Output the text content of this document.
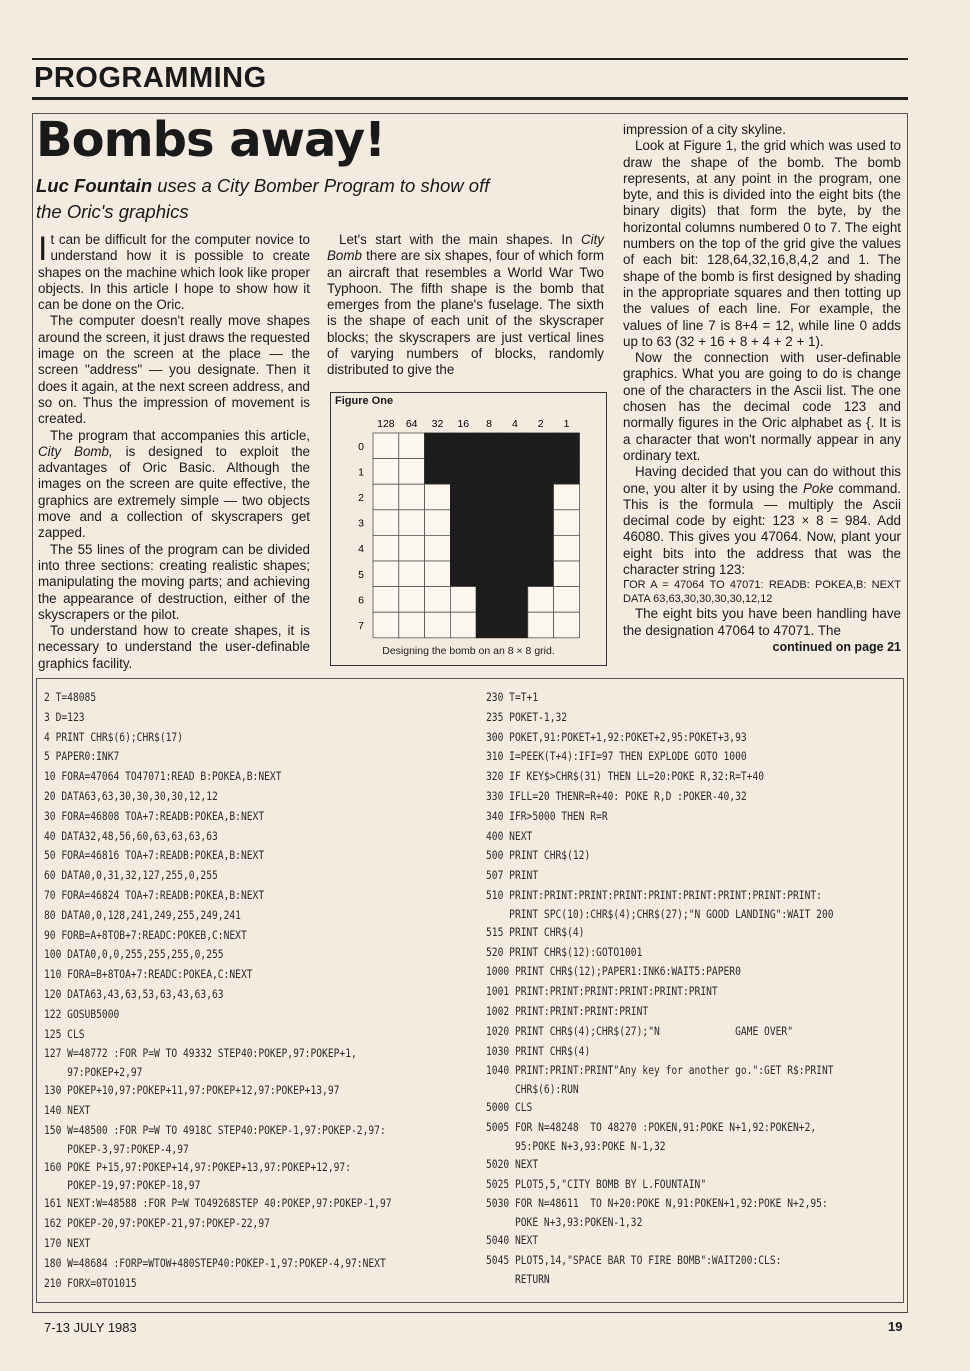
PROGRAMMING
Bombs away!
Luc Fountain uses a City Bomber Program to show off the Oric's graphics

It can be difficult for the computer novice to understand how it is possible to create shapes on the machine which look like proper objects. In this article I hope to show how it can be done on the Oric.

The computer doesn't really move shapes around the screen, it just draws the requested image on the screen at the place — the screen "address" — you designate. Then it does it again, at the next screen address, and so on. Thus the impression of movement is created.

The program that accompanies this article, City Bomb, is designed to exploit the advantages of Oric Basic. Although the images on the screen are quite effective, the graphics are extremely simple — two objects move and a collection of skyscrapers get zapped.

The 55 lines of the program can be divided into three sections: creating realistic shapes; manipulating the moving parts; and achieving the appearance of destruction, either of the skyscrapers or the pilot.

To understand how to create shapes, it is necessary to understand the user-definable graphics facility.

Let's start with the main shapes. In City Bomb there are six shapes, four of which form an aircraft that resembles a World War Two Typhoon. The fifth shape is the bomb that emerges from the plane's fuselage. The sixth is the shape of each unit of the skyscraper blocks; the skyscrapers are just vertical lines of varying numbers of blocks, randomly distributed to give the

Figure One
128 64 32 16 8 4 2 1
0
1
2
3
4
5
6
7
Designing the bomb on an 8 × 8 grid.

impression of a city skyline.

Look at Figure 1, the grid which was used to draw the shape of the bomb. The bomb represents, at any point in the program, one byte, and this is divided into the eight bits (the binary digits) that form the byte, by the horizontal columns numbered 0 to 7. The eight numbers on the top of the grid give the values of each bit: 128,64,32,16,8,4,2 and 1. The shape of the bomb is first designed by shading in the appropriate squares and then totting up the values of each line. For example, the values of line 7 is 8+4 = 12, while line 0 adds up to 63 (32 + 16 + 8 + 4 + 2 + 1).

Now the connection with user-definable graphics. What you are going to do is change one of the characters in the Ascii list. The one chosen has the decimal code 123 and normally figures in the Oric alphabet as {. It is a character that won't normally appear in any ordinary text.

Having decided that you can do without this one, you alter it by using the Poke command. This is the formula — multiply the Ascii decimal code by eight: 123 × 8 = 984. Add 46080. This gives you 47064. Now, plant your eight bits into the address that was the character string 123:

ᒥOR A = 47064 TO 47071: READB: POKEA,B: NEXT DATA 63,63,30,30,30,30,12,12

The eight bits you have been handling have the designation 47064 to 47071. The

continued on page 21

2 T=48085
3 D=123
4 PRINT CHR$(6);CHR$(17)
5 PAPER0:INK7
10 FORA=47064 TO47071:READ B:POKEA,B:NEXT
20 DATA63,63,30,30,30,30,12,12
30 FORA=46808 TOA+7:READB:POKEA,B:NEXT
40 DATA32,48,56,60,63,63,63,63
50 FORA=46816 TOA+7:READB:POKEA,B:NEXT
60 DATA0,0,31,32,127,255,0,255
70 FORA=46824 TOA+7:READB:POKEA,B:NEXT
80 DATA0,0,128,241,249,255,249,241
90 FORB=A+8TOB+7:READC:POKEB,C:NEXT
100 DATA0,0,0,255,255,255,0,255
110 FORA=B+8TOA+7:READC:POKEA,C:NEXT
120 DATA63,43,63,53,63,43,63,63
122 GOSUB5000
125 CLS
127 W=48772 :FOR P=W TO 49332 STEP40:POKEP,97:POKEP+1,
97:POKEP+2,97
130 POKEP+10,97:POKEP+11,97:POKEP+12,97:POKEP+13,97
140 NEXT
150 W=48500 :FOR P=W TO 4918C STEP40:POKEP-1,97:POKEP-2,97:
POKEP-3,97:POKEP-4,97
160 POKE P+15,97:POKEP+14,97:POKEP+13,97:POKEP+12,97:
POKEP-19,97:POKEP-18,97
161 NEXT:W=48588 :FOR P=W TO49268STEP 40:POKEP,97:POKEP-1,97
162 POKEP-20,97:POKEP-21,97:POKEP-22,97
170 NEXT
180 W=48684 :FORP=WTOW+480STEP40:POKEP-1,97:POKEP-4,97:NEXT
210 FORX=0TO1015
230 T=T+1
235 POKET-1,32
300 POKET,91:POKET+1,92:POKET+2,95:POKET+3,93
310 I=PEEK(T+4):IFI=97 THEN EXPLODE GOTO 1000
320 IF KEY$>CHR$(31) THEN LL=20:POKE R,32:R=T+40
330 IFLL=20 THENR=R+40: POKE R,D :POKER-40,32
340 IFR>5000 THEN R=R
400 NEXT
500 PRINT CHR$(12)
507 PRINT
510 PRINT:PRINT:PRINT:PRINT:PRINT:PRINT:PRINT:PRINT:PRINT:
PRINT SPC(10):CHR$(4);CHR$(27);"N GOOD LANDING":WAIT 200
515 PRINT CHR$(4)
520 PRINT CHR$(12):GOTO1001
1000 PRINT CHR$(12);PAPER1:INK6:WAIT5:PAPER0
1001 PRINT:PRINT:PRINT:PRINT:PRINT:PRINT
1002 PRINT:PRINT:PRINT:PRINT
1020 PRINT CHR$(4);CHR$(27);"N             GAME OVER"
1030 PRINT CHR$(4)
1040 PRINT:PRINT:PRINT"Any key for another go.":GET R$:PRINT
CHR$(6):RUN
5000 CLS
5005 FOR N=48248  TO 48270 :POKEN,91:POKE N+1,92:POKEN+2,
95:POKE N+3,93:POKE N-1,32
5020 NEXT
5025 PLOT5,5,"CITY BOMB BY L.FOUNTAIN"
5030 FOR N=48611  TO N+20:POKE N,91:POKEN+1,92:POKE N+2,95:
POKE N+3,93:POKEN-1,32
5040 NEXT
5045 PLOT5,14,"SPACE BAR TO FIRE BOMB":WAIT200:CLS:
RETURN
7-13 JULY 1983	19
